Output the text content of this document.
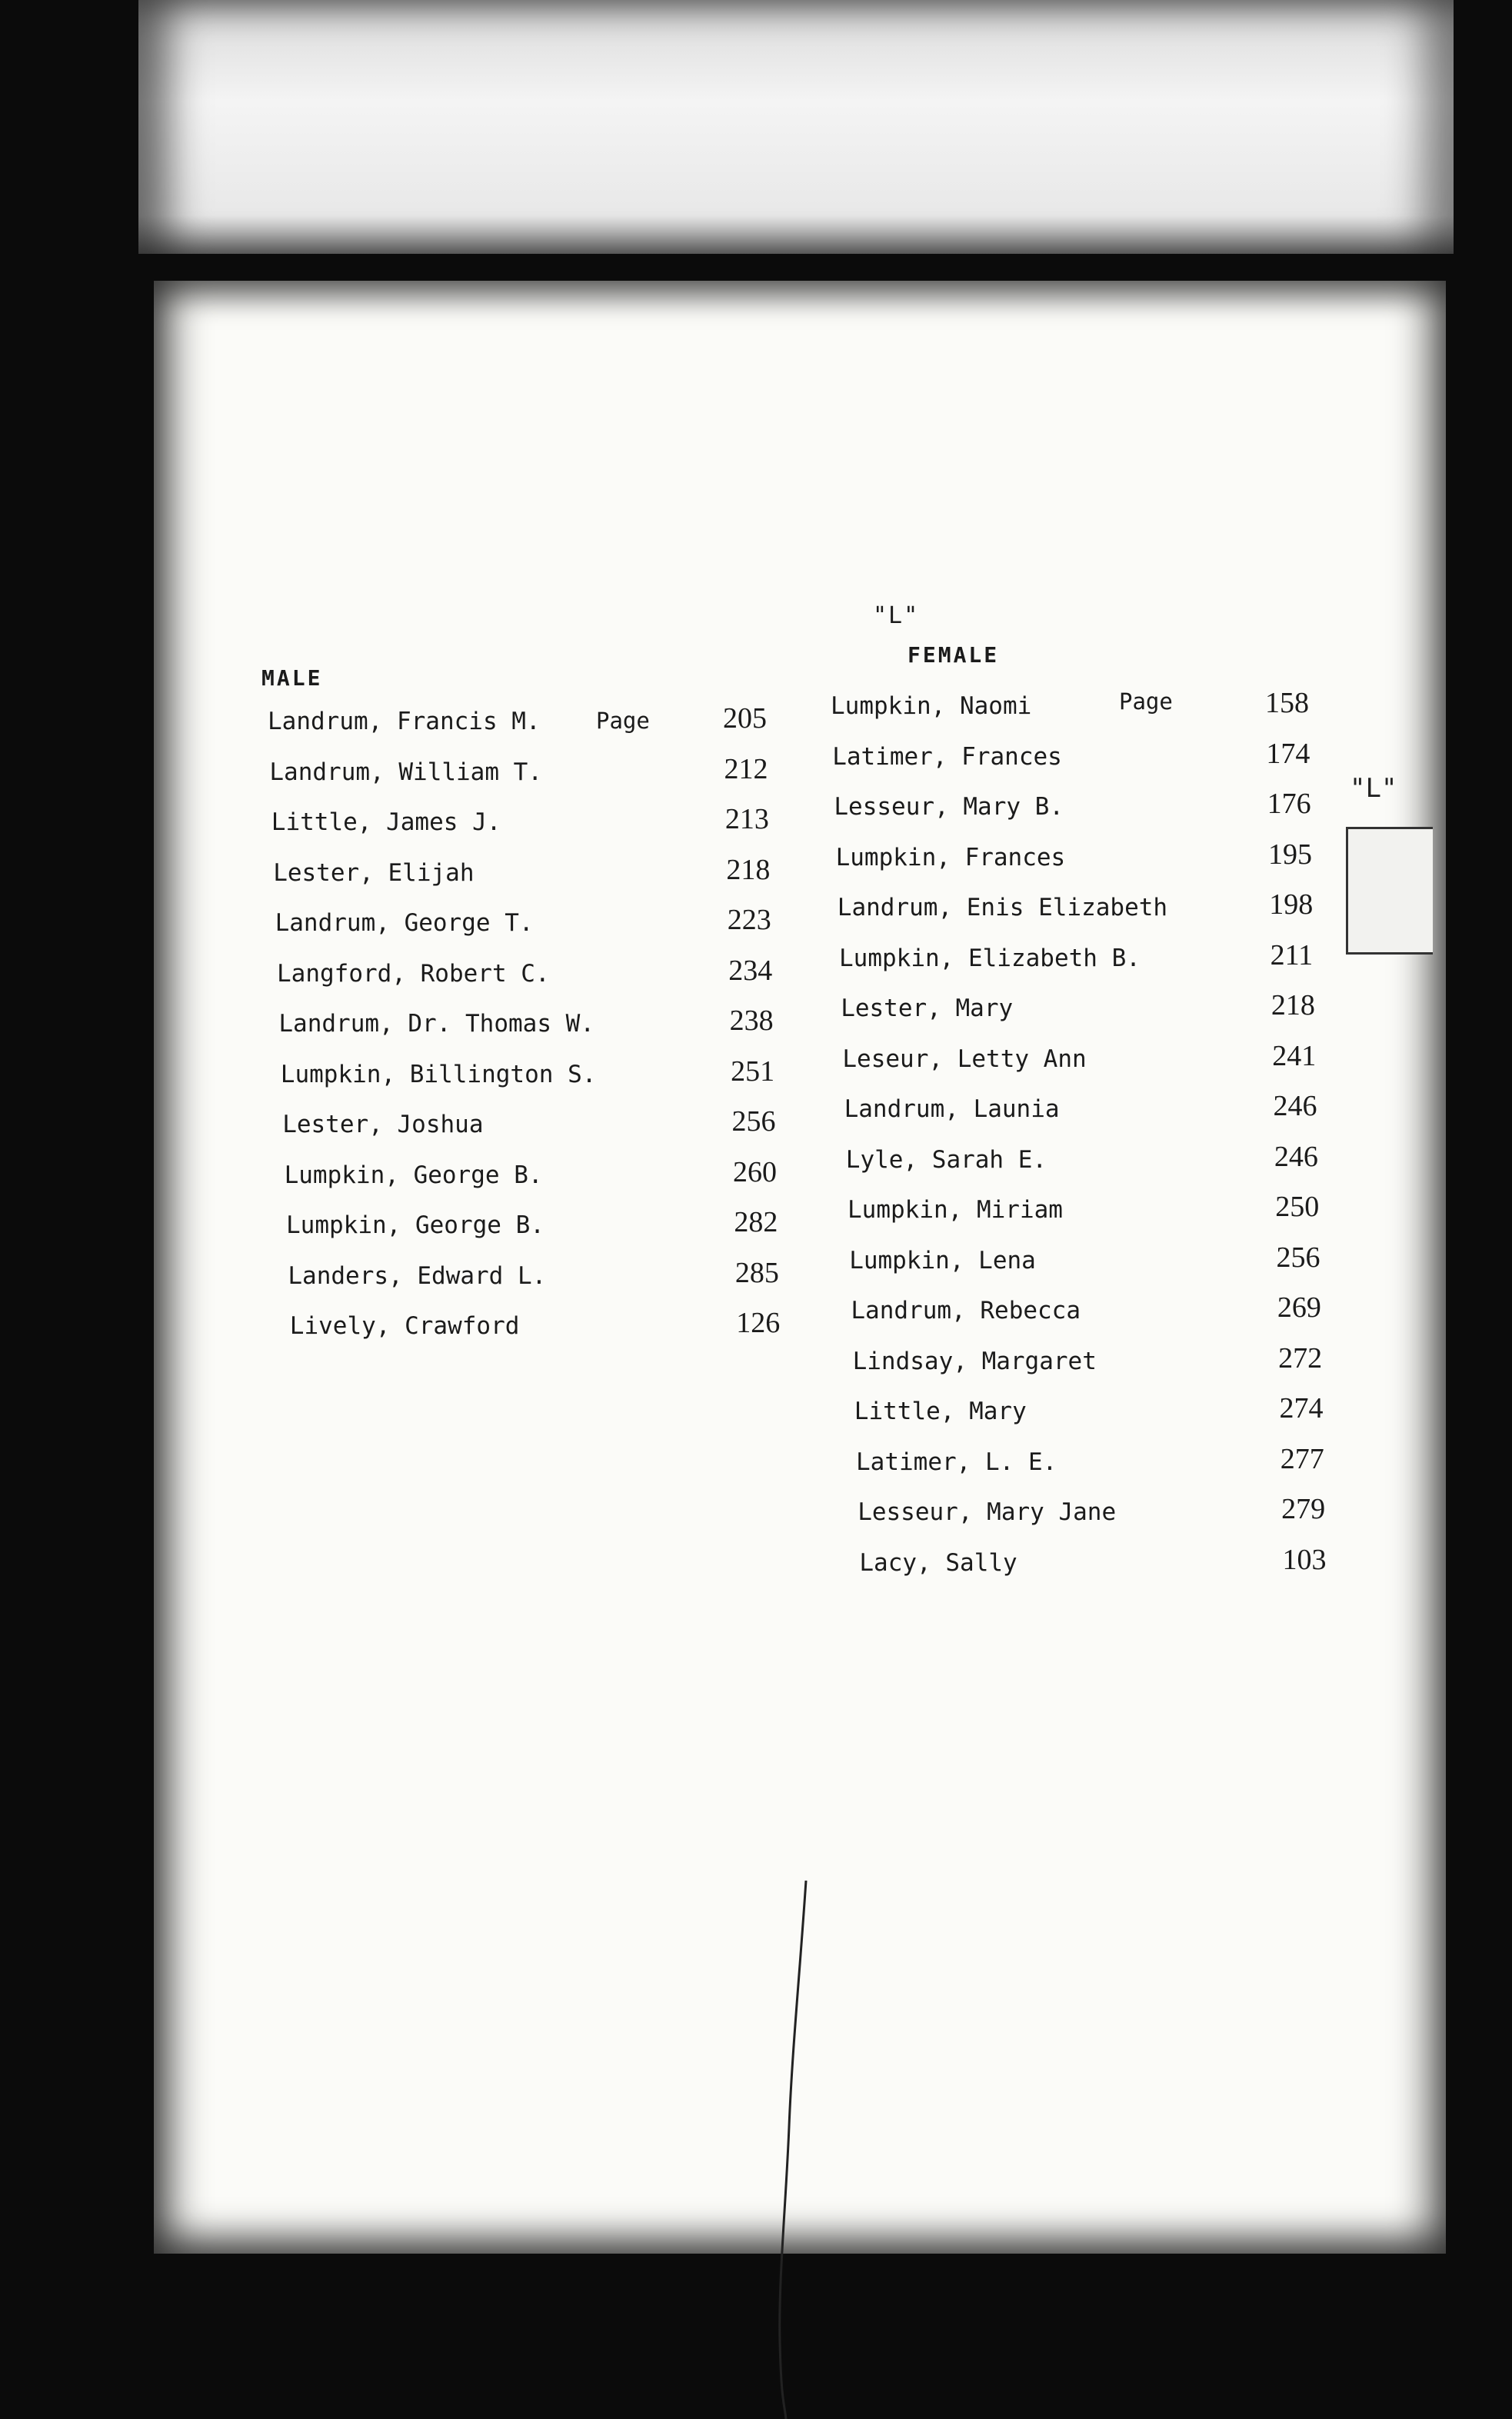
"L"
MALE
FEMALE
Page
Page
Landrum, Francis M.	205
Landrum, William T.	212
Little, James J.	213
Lester, Elijah	218
Landrum, George T.	223
Langford, Robert C.	234
Landrum, Dr. Thomas W.	238
Lumpkin, Billington S.	251
Lester, Joshua	256
Lumpkin, George B.	260
Lumpkin, George B.	282
Landers, Edward L.	285
Lively, Crawford	126
Lumpkin, Naomi	158
Latimer, Frances	174
Lesseur, Mary B.	176
Lumpkin, Frances	195
Landrum, Enis Elizabeth	198
Lumpkin, Elizabeth B.	211
Lester, Mary	218
Leseur, Letty Ann	241
Landrum, Launia	246
Lyle, Sarah E.	246
Lumpkin, Miriam	250
Lumpkin, Lena	256
Landrum, Rebecca	269
Lindsay, Margaret	272
Little, Mary	274
Latimer, L. E.	277
Lesseur, Mary Jane	279
Lacy, Sally	103
"L"
